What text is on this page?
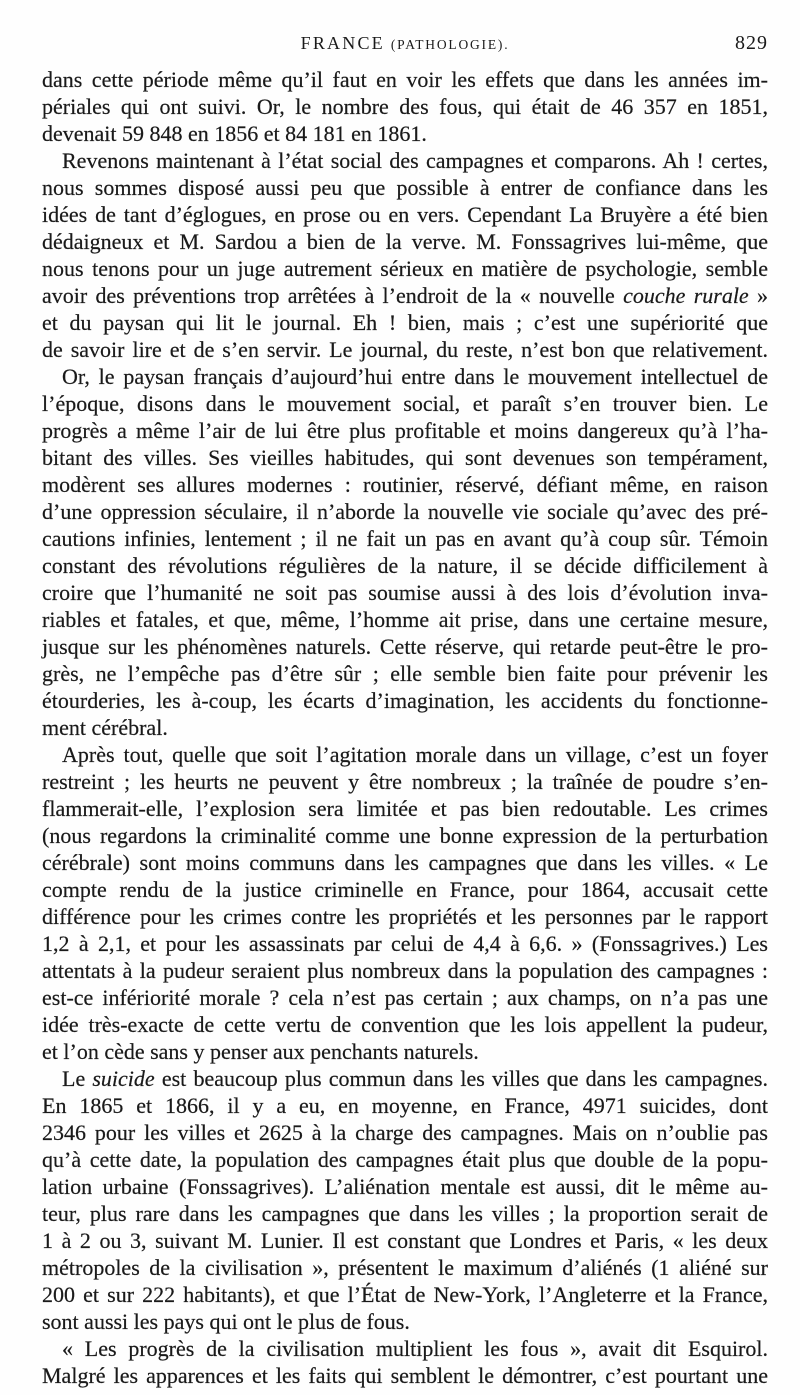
FRANCE (PATHOLOGIE).	829
dans cette période même qu’il faut en voir les effets que dans les années im-
périales qui ont suivi. Or, le nombre des fous, qui était de 46 357 en 1851,
devenait 59 848 en 1856 et 84 181 en 1861.
Revenons maintenant à l’état social des campagnes et comparons. Ah ! certes,
nous sommes disposé aussi peu que possible à entrer de confiance dans les
idées de tant d’églogues, en prose ou en vers. Cependant La Bruyère a été bien
dédaigneux et M. Sardou a bien de la verve. M. Fonssagrives lui-même, que
nous tenons pour un juge autrement sérieux en matière de psychologie, semble
avoir des préventions trop arrêtées à l’endroit de la « nouvelle couche rurale »
et du paysan qui lit le journal. Eh ! bien, mais ; c’est une supériorité que
de savoir lire et de s’en servir. Le journal, du reste, n’est bon que relativement.
Or, le paysan français d’aujourd’hui entre dans le mouvement intellectuel de
l’époque, disons dans le mouvement social, et paraît s’en trouver bien. Le
progrès a même l’air de lui être plus profitable et moins dangereux qu’à l’ha-
bitant des villes. Ses vieilles habitudes, qui sont devenues son tempérament,
modèrent ses allures modernes : routinier, réservé, défiant même, en raison
d’une oppression séculaire, il n’aborde la nouvelle vie sociale qu’avec des pré-
cautions infinies, lentement ; il ne fait un pas en avant qu’à coup sûr. Témoin
constant des révolutions régulières de la nature, il se décide difficilement à
croire que l’humanité ne soit pas soumise aussi à des lois d’évolution inva-
riables et fatales, et que, même, l’homme ait prise, dans une certaine mesure,
jusque sur les phénomènes naturels. Cette réserve, qui retarde peut-être le pro-
grès, ne l’empêche pas d’être sûr ; elle semble bien faite pour prévenir les
étourderies, les à-coup, les écarts d’imagination, les accidents du fonctionne-
ment cérébral.
Après tout, quelle que soit l’agitation morale dans un village, c’est un foyer
restreint ; les heurts ne peuvent y être nombreux ; la traînée de poudre s’en-
flammerait-elle, l’explosion sera limitée et pas bien redoutable. Les crimes
(nous regardons la criminalité comme une bonne expression de la perturbation
cérébrale) sont moins communs dans les campagnes que dans les villes. « Le
compte rendu de la justice criminelle en France, pour 1864, accusait cette
différence pour les crimes contre les propriétés et les personnes par le rapport
1,2 à 2,1, et pour les assassinats par celui de 4,4 à 6,6. » (Fonssagrives.) Les
attentats à la pudeur seraient plus nombreux dans la population des campagnes :
est-ce infériorité morale ? cela n’est pas certain ; aux champs, on n’a pas une
idée très-exacte de cette vertu de convention que les lois appellent la pudeur,
et l’on cède sans y penser aux penchants naturels.
Le suicide est beaucoup plus commun dans les villes que dans les campagnes.
En 1865 et 1866, il y a eu, en moyenne, en France, 4971 suicides, dont
2346 pour les villes et 2625 à la charge des campagnes. Mais on n’oublie pas
qu’à cette date, la population des campagnes était plus que double de la popu-
lation urbaine (Fonssagrives). L’aliénation mentale est aussi, dit le même au-
teur, plus rare dans les campagnes que dans les villes ; la proportion serait de
1 à 2 ou 3, suivant M. Lunier. Il est constant que Londres et Paris, « les deux
métropoles de la civilisation », présentent le maximum d’aliénés (1 aliéné sur
200 et sur 222 habitants), et que l’État de New-York, l’Angleterre et la France,
sont aussi les pays qui ont le plus de fous.
« Les progrès de la civilisation multiplient les fous », avait dit Esquirol.
Malgré les apparences et les faits qui semblent le démontrer, c’est pourtant une
